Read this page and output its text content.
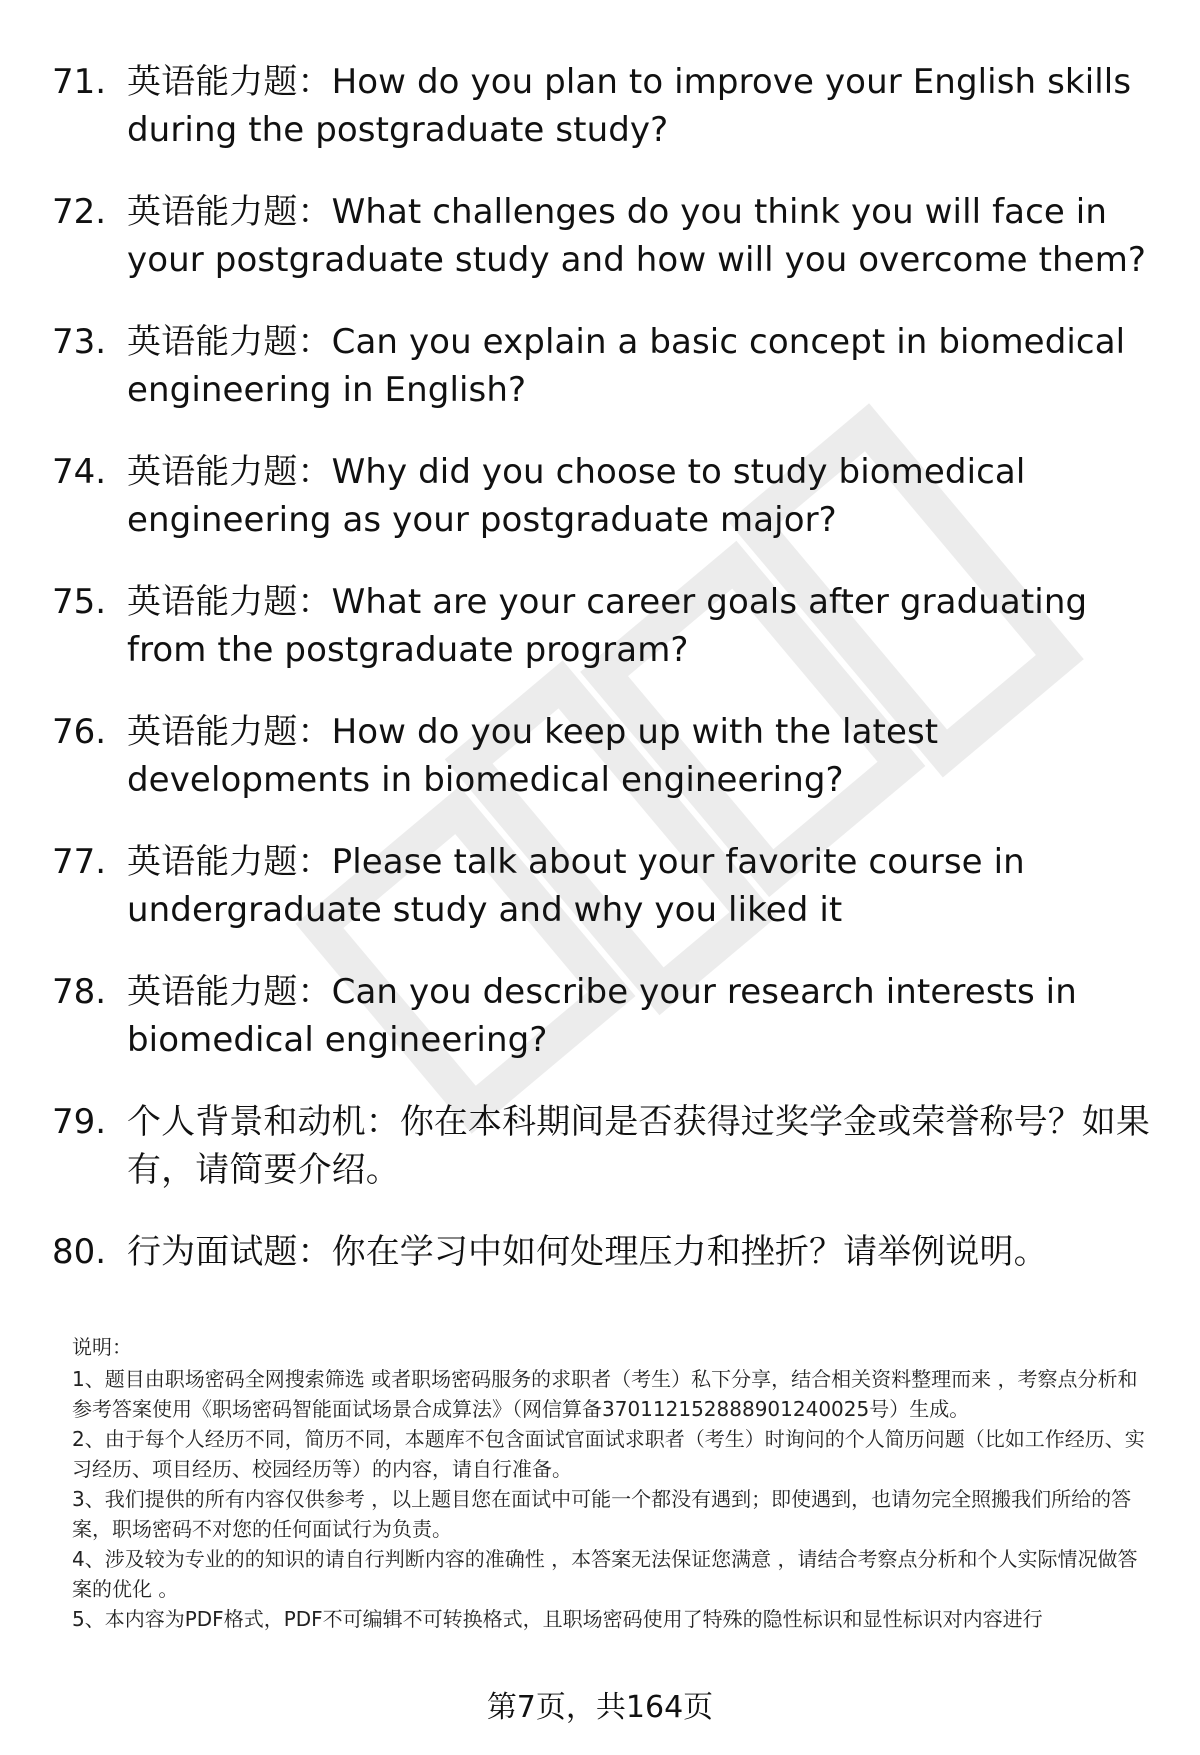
71. 英语能力题：How do you plan to improve your English skills during the postgraduate study?
72. 英语能力题：What challenges do you think you will face in your postgraduate study and how will you overcome them?
73. 英语能力题：Can you explain a basic concept in biomedical engineering in English?
74. 英语能力题：Why did you choose to study biomedical engineering as your postgraduate major?
75. 英语能力题：What are your career goals after graduating from the postgraduate program?
76. 英语能力题：How do you keep up with the latest developments in biomedical engineering?
77. 英语能力题：Please talk about your favorite course in undergraduate study and why you liked it
78. 英语能力题：Can you describe your research interests in biomedical engineering?
79. 个人背景和动机：你在本科期间是否获得过奖学金或荣誉称号？如果有，请简要介绍。
80. 行为面试题：你在学习中如何处理压力和挫折？请举例说明。

说明：

1、题目由职场密码全网搜索筛选 或者职场密码服务的求职者（考生）私下分享，结合相关资料整理而来 ，考察点分析和参考答案使用《职场密码智能面试场景合成算法》（网信算备370112152888901240025号）生成。

2、由于每个人经历不同，简历不同，本题库不包含面试官面试求职者（考生）时询问的个人简历问题（比如工作经历、实习经历、项目经历、校园经历等）的内容，请自行准备。

3、我们提供的所有内容仅供参考 ，以上题目您在面试中可能一个都没有遇到；即使遇到，也请勿完全照搬我们所给的答案，职场密码不对您的任何面试行为负责。

4、涉及较为专业的的知识的请自行判断内容的准确性 ，本答案无法保证您满意 ，请结合考察点分析和个人实际情况做答案的优化 。

5、本内容为PDF格式，PDF不可编辑不可转换格式，且职场密码使用了特殊的隐性标识和显性标识对内容进行

第7页，共164页
